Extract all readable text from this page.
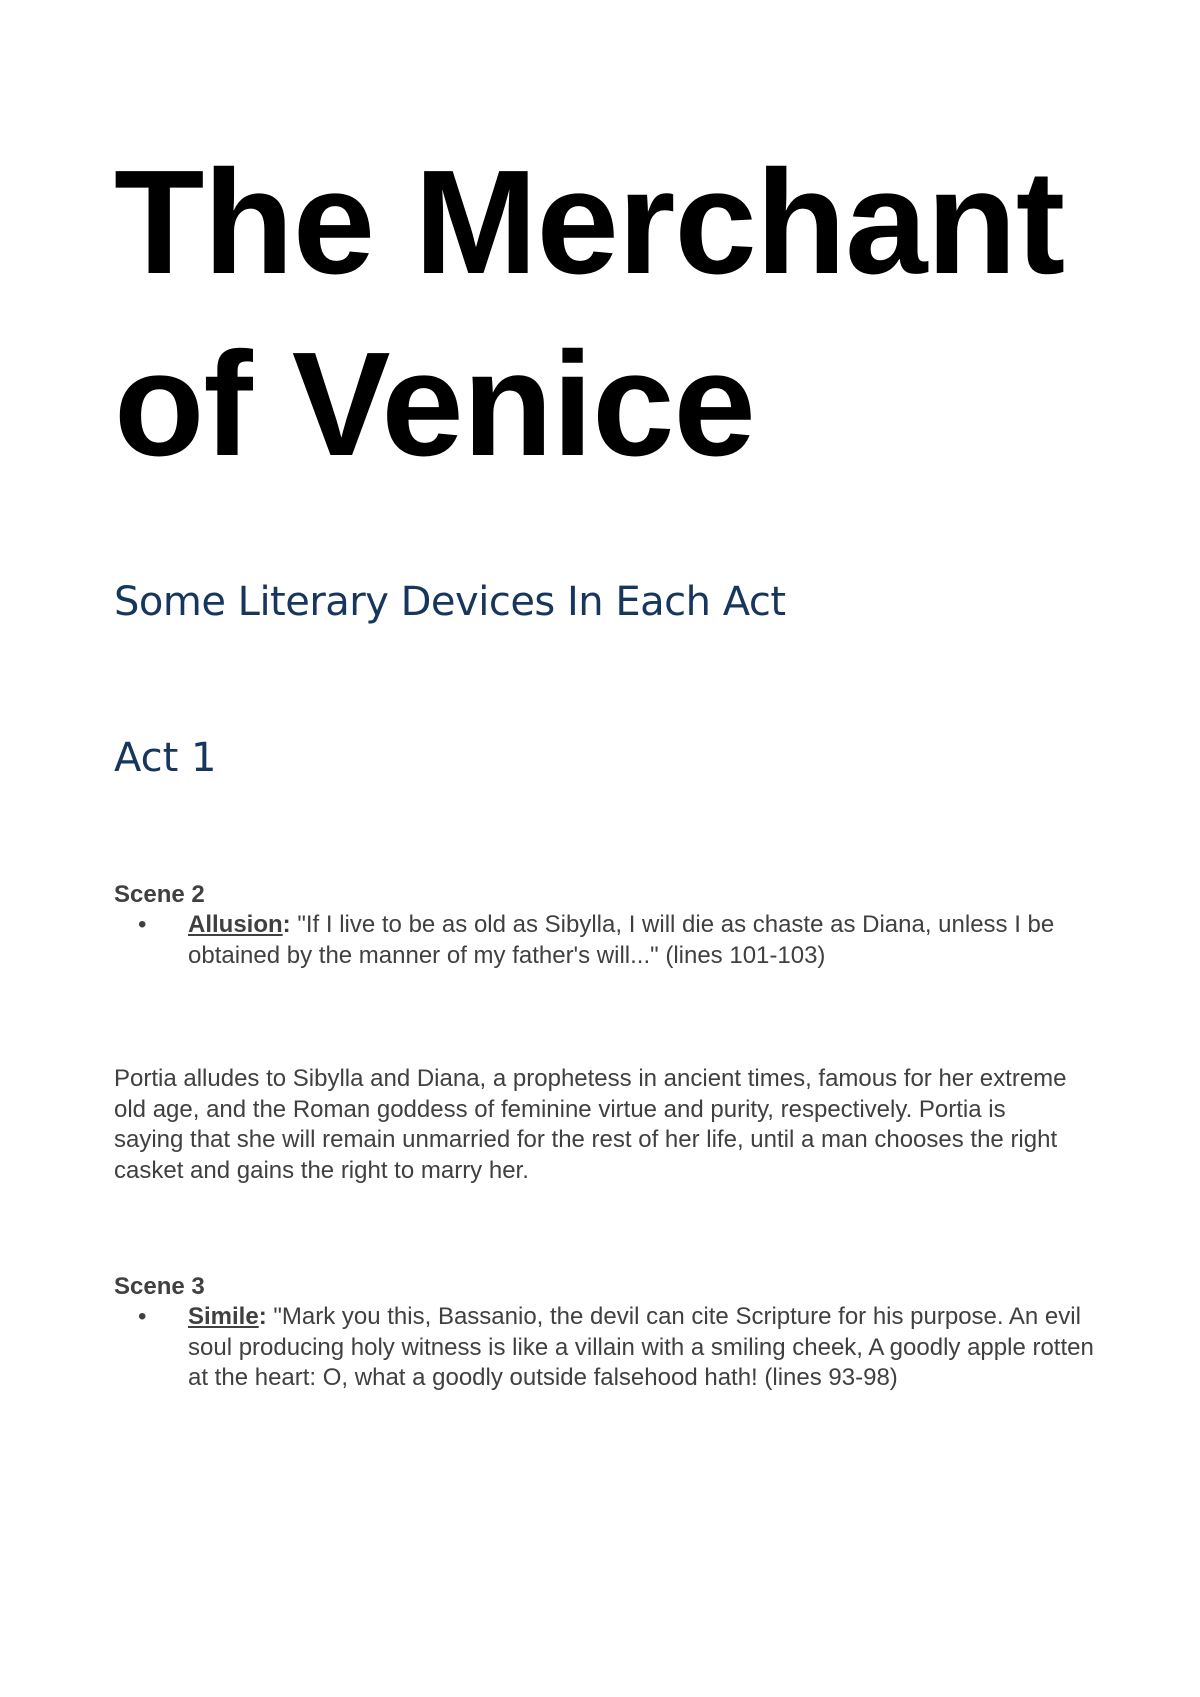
The Merchant
of Venice
Some Literary Devices In Each Act
Act 1
Scene 2
•	Allusion: "If I live to be as old as Sibylla, I will die as chaste as Diana, unless I be obtained by the manner of my father's will..." (lines 101-103)

Portia alludes to Sibylla and Diana, a prophetess in ancient times, famous for her extreme old age, and the Roman goddess of feminine virtue and purity, respectively. Portia is saying that she will remain unmarried for the rest of her life, until a man chooses the right casket and gains the right to marry her.

Scene 3
•	Simile: "Mark you this, Bassanio, the devil can cite Scripture for his purpose. An evil soul producing holy witness is like a villain with a smiling cheek, A goodly apple rotten at the heart: O, what a goodly outside falsehood hath! (lines 93-98)
